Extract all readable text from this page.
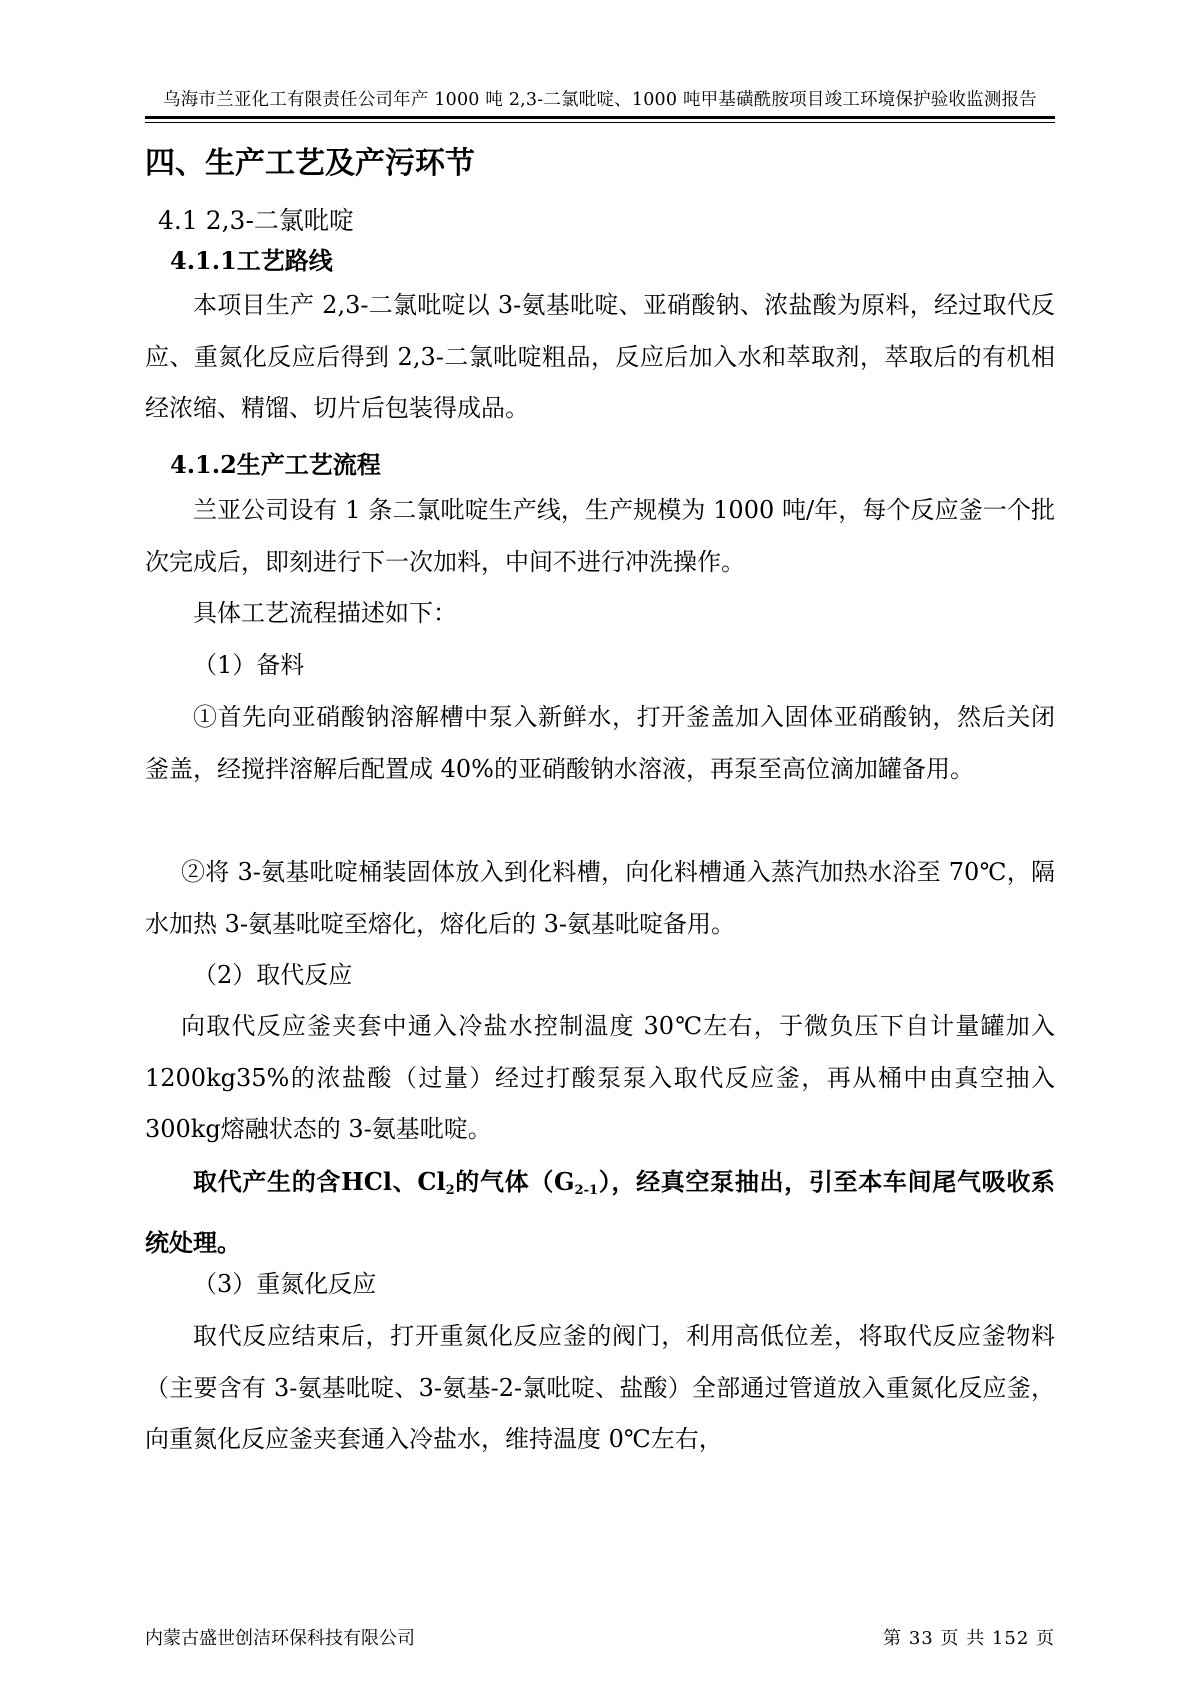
乌海市兰亚化工有限责任公司年产 1000 吨 2,3-二氯吡啶、1000 吨甲基磺酰胺项目竣工环境保护验收监测报告
四、生产工艺及产污环节
4.1 2,3-二氯吡啶
4.1.1工艺路线

本项目生产 2,3-二氯吡啶以 3-氨基吡啶、亚硝酸钠、浓盐酸为原料，经过取代反应、重氮化反应后得到 2,3-二氯吡啶粗品，反应后加入水和萃取剂，萃取后的有机相经浓缩、精馏、切片后包装得成品。

4.1.2生产工艺流程

兰亚公司设有 1 条二氯吡啶生产线，生产规模为 1000 吨/年，每个反应釜一个批次完成后，即刻进行下一次加料，中间不进行冲洗操作。

具体工艺流程描述如下：

（1）备料

①首先向亚硝酸钠溶解槽中泵入新鲜水，打开釜盖加入固体亚硝酸钠，然后关闭釜盖，经搅拌溶解后配置成 40%的亚硝酸钠水溶液，再泵至高位滴加罐备用。

②将 3-氨基吡啶桶装固体放入到化料槽，向化料槽通入蒸汽加热水浴至 70℃，隔水加热 3-氨基吡啶至熔化，熔化后的 3-氨基吡啶备用。

（2）取代反应

向取代反应釜夹套中通入冷盐水控制温度 30℃左右，于微负压下自计量罐加入 1200kg35%的浓盐酸（过量）经过打酸泵泵入取代反应釜，再从桶中由真空抽入 300kg熔融状态的 3-氨基吡啶。

取代产生的含HCl、$Cl_2$的气体$(G_{2-1})$，经真空泵抽出，引至本车间尾气吸收系统处理。

（3）重氮化反应

取代反应结束后，打开重氮化反应釜的阀门，利用高低位差，将取代反应釜物料（主要含有 3-氨基吡啶、3-氨基-2-氯吡啶、盐酸）全部通过管道放入重氮化反应釜，向重氮化反应釜夹套通入冷盐水，维持温度 0℃左右，

内蒙古盛世创洁环保科技有限公司	第 33 页 共 152 页
